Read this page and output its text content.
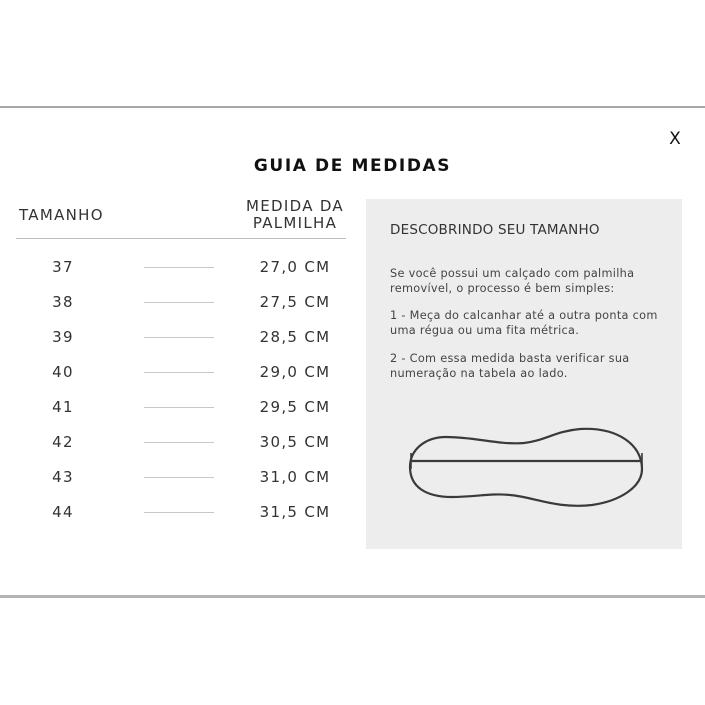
X
GUIA DE MEDIDAS
TAMANHO	MEDIDA DA
PALMILHA
37	27,0 CM
38	27,5 CM
39	28,5 CM
40	29,0 CM
41	29,5 CM
42	30,5 CM
43	31,0 CM
44	31,5 CM
DESCOBRINDO SEU TAMANHO

Se você possui um calçado com palmilha removível, o processo é bem simples:

1 - Meça do calcanhar até a outra ponta com uma régua ou uma fita métrica.

2 - Com essa medida basta verificar sua numeração na tabela ao lado.
